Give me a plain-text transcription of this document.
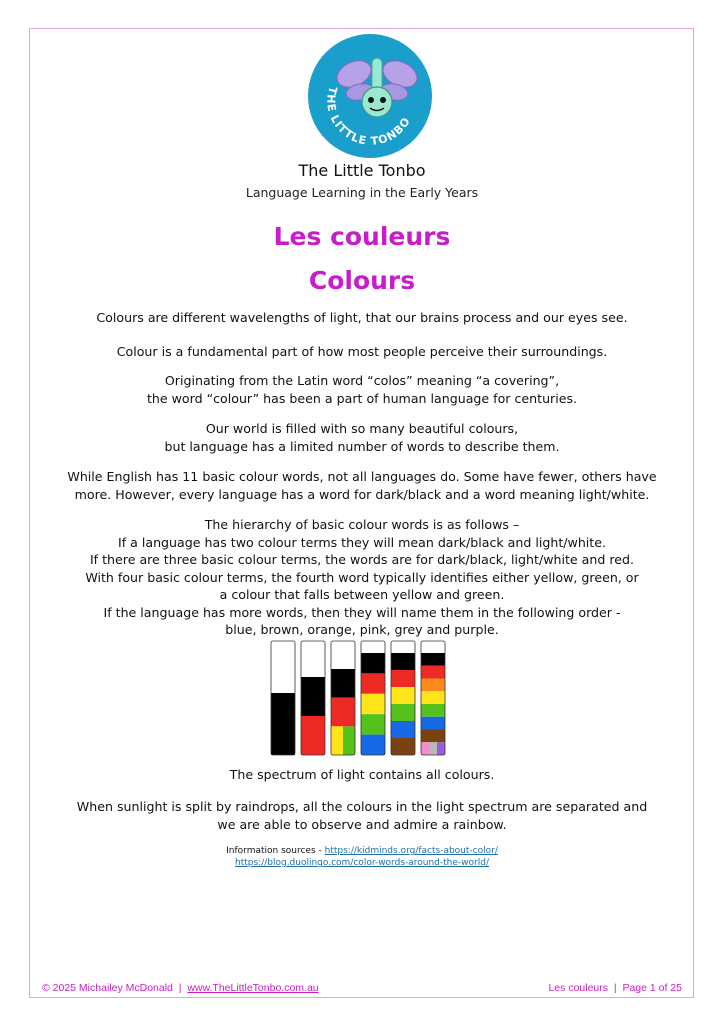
THE LITTLE TONBO
The Little Tonbo
Language Learning in the Early Years
Les couleurs
Colours
Colours are different wavelengths of light, that our brains process and our eyes see.
Colour is a fundamental part of how most people perceive their surroundings.
Originating from the Latin word “colos” meaning “a covering”,
the word “colour” has been a part of human language for centuries.
Our world is filled with so many beautiful colours,
but language has a limited number of words to describe them.
While English has 11 basic colour words, not all languages do. Some have fewer, others have
more. However, every language has a word for dark/black and a word meaning light/white.
The hierarchy of basic colour words is as follows –
If a language has two colour terms they will mean dark/black and light/white.
If there are three basic colour terms, the words are for dark/black, light/white and red.
With four basic colour terms, the fourth word typically identifies either yellow, green, or
a colour that falls between yellow and green.
If the language has more words, then they will name them in the following order -
blue, brown, orange, pink, grey and purple.
The spectrum of light contains all colours.
When sunlight is split by raindrops, all the colours in the light spectrum are separated and
we are able to observe and admire a rainbow.
Information sources - https://kidminds.org/facts-about-color/
https://blog.duolingo.com/color-words-around-the-world/
© 2025 Michailey McDonald | www.TheLittleTonbo.com.au	Les couleurs | Page 1 of 25
